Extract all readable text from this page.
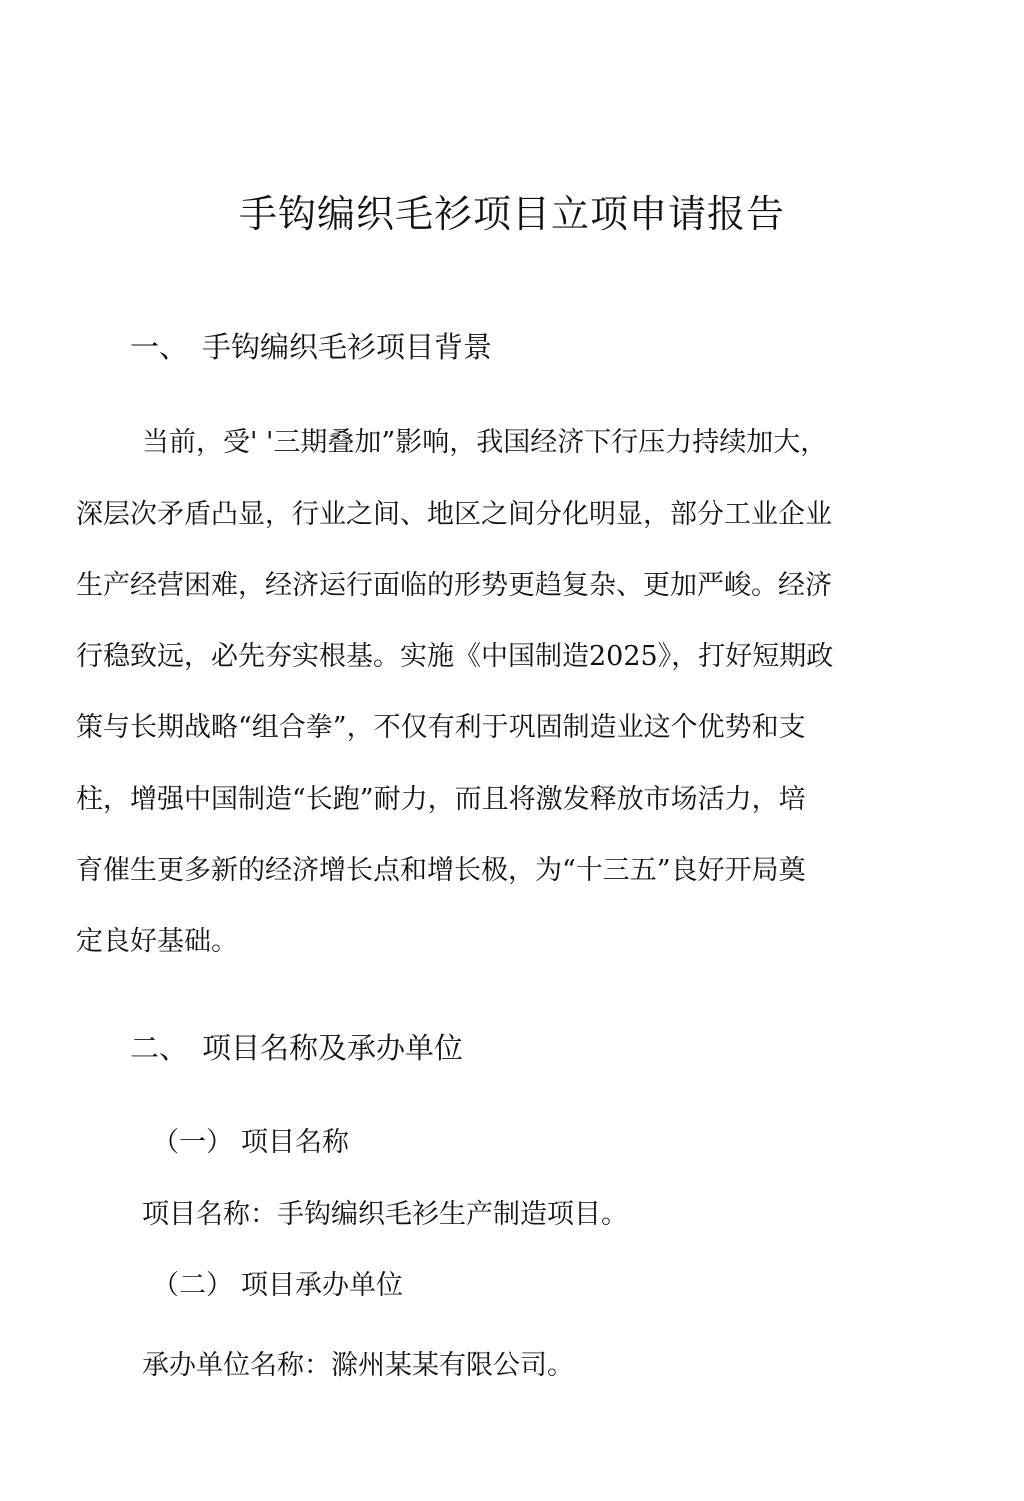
手钩编织毛衫项目立项申请报告
一、 手钩编织毛衫项目背景
当前，受' '三期叠加”影响，我国经济下行压力持续加大，
深层次矛盾凸显，行业之间、地区之间分化明显，部分工业企业
生产经营困难，经济运行面临的形势更趋复杂、更加严峻。经济
行稳致远，必先夯实根基。实施《中国制造2025》，打好短期政
策与长期战略“组合拳”，不仅有利于巩固制造业这个优势和支
柱，增强中国制造“长跑”耐力，而且将激发释放市场活力，培
育催生更多新的经济增长点和增长极，为“十三五”良好开局奠
定良好基础。
二、 项目名称及承办单位
（一） 项目名称
项目名称：手钩编织毛衫生产制造项目。
（二） 项目承办单位
承办单位名称：滁州某某有限公司。
